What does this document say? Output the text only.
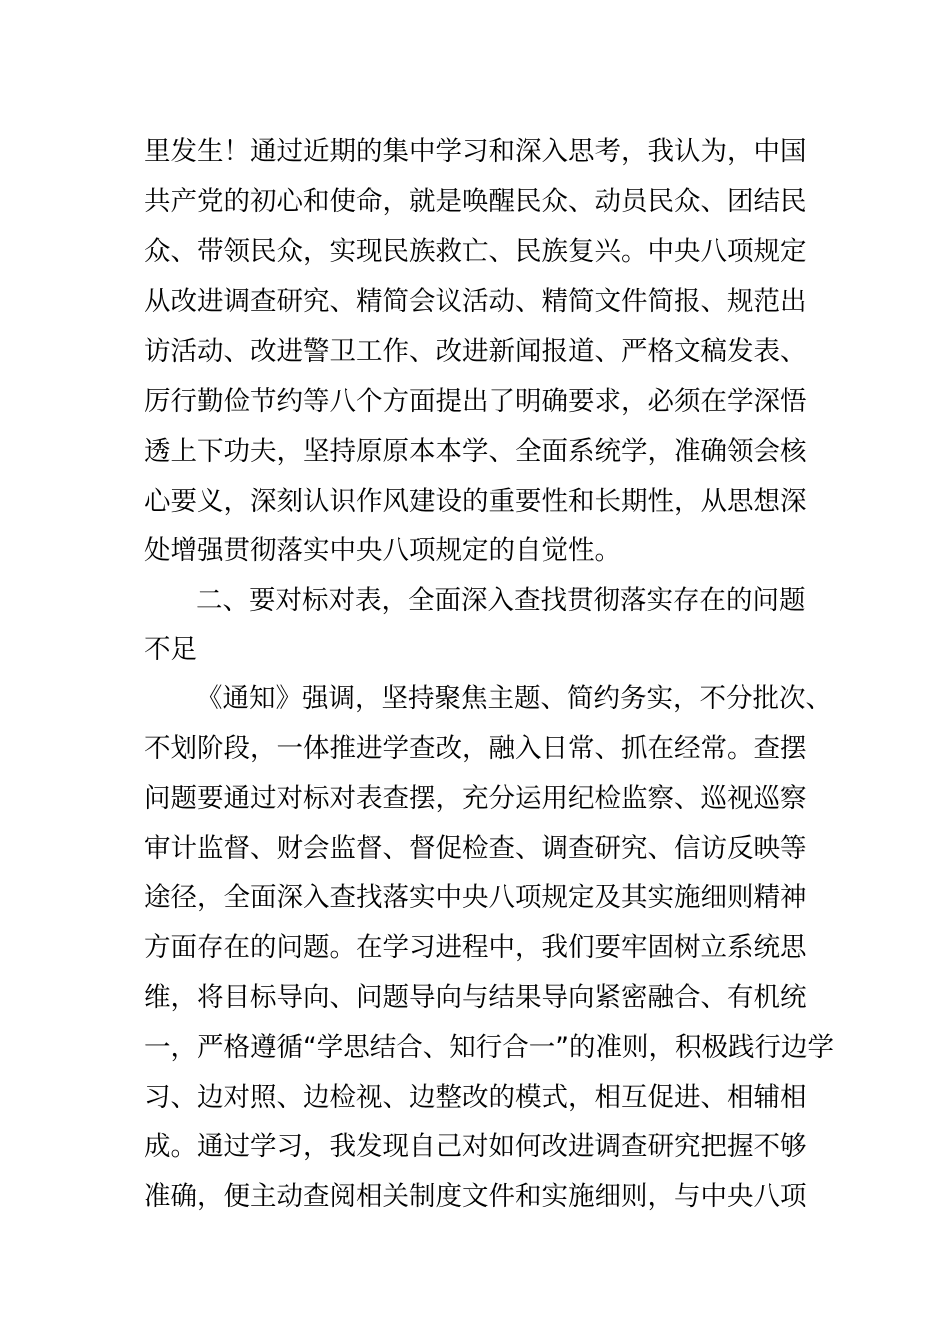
里发生！通过近期的集中学习和深入思考，我认为，中国
共产党的初心和使命，就是唤醒民众、动员民众、团结民
众、带领民众，实现民族救亡、民族复兴。中央八项规定
从改进调查研究、精简会议活动、精简文件简报、规范出
访活动、改进警卫工作、改进新闻报道、严格文稿发表、
厉行勤俭节约等八个方面提出了明确要求，必须在学深悟
透上下功夫，坚持原原本本学、全面系统学，准确领会核
心要义，深刻认识作风建设的重要性和长期性，从思想深
处增强贯彻落实中央八项规定的自觉性。
二、要对标对表，全面深入查找贯彻落实存在的问题
不足
《通知》强调，坚持聚焦主题、简约务实，不分批次、
不划阶段，一体推进学查改，融入日常、抓在经常。查摆
问题要通过对标对表查摆，充分运用纪检监察、巡视巡察
审计监督、财会监督、督促检查、调查研究、信访反映等
途径，全面深入查找落实中央八项规定及其实施细则精神
方面存在的问题。在学习进程中，我们要牢固树立系统思
维，将目标导向、问题导向与结果导向紧密融合、有机统
一，严格遵循“学思结合、知行合一”的准则，积极践行边学
习、边对照、边检视、边整改的模式，相互促进、相辅相
成。通过学习，我发现自己对如何改进调查研究把握不够
准确，便主动查阅相关制度文件和实施细则，与中央八项
